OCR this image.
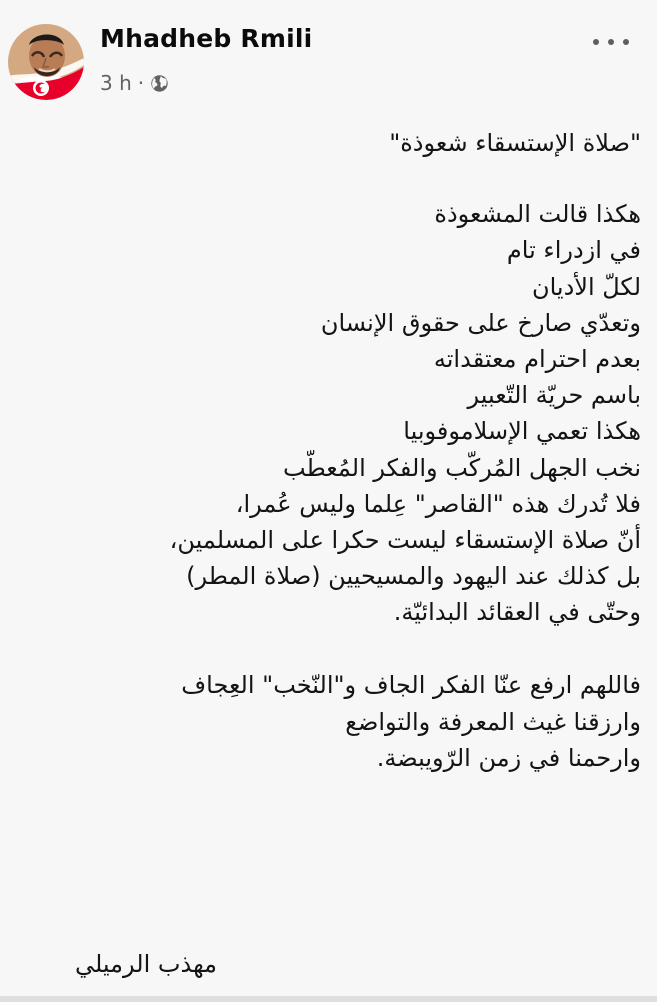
Mhadheb Rmili
3 h ·
"صلاة الإستسقاء شعوذة"
هكذا قالت المشعوذة
في ازدراء تام
لكلّ الأديان
وتعدّي صارخ على حقوق الإنسان
بعدم احترام معتقداته
باسم حريّة التّعبير
هكذا تعمي الإسلاموفوبيا
نخب الجهل المُركّب والفكر المُعطّب
فلا تُدرك هذه "القاصر" عِلما وليس عُمرا،
أنّ صلاة الإستسقاء ليست حكرا على المسلمين،
بل كذلك عند اليهود والمسيحيين (صلاة المطر)
وحتّى في العقائد البدائيّة.
فاللهم ارفع عنّا الفكر الجاف و"النّخب" العِجاف
وارزقنا غيث المعرفة والتواضع
وارحمنا في زمن الرّويبضة.
مهذب الرميلي
